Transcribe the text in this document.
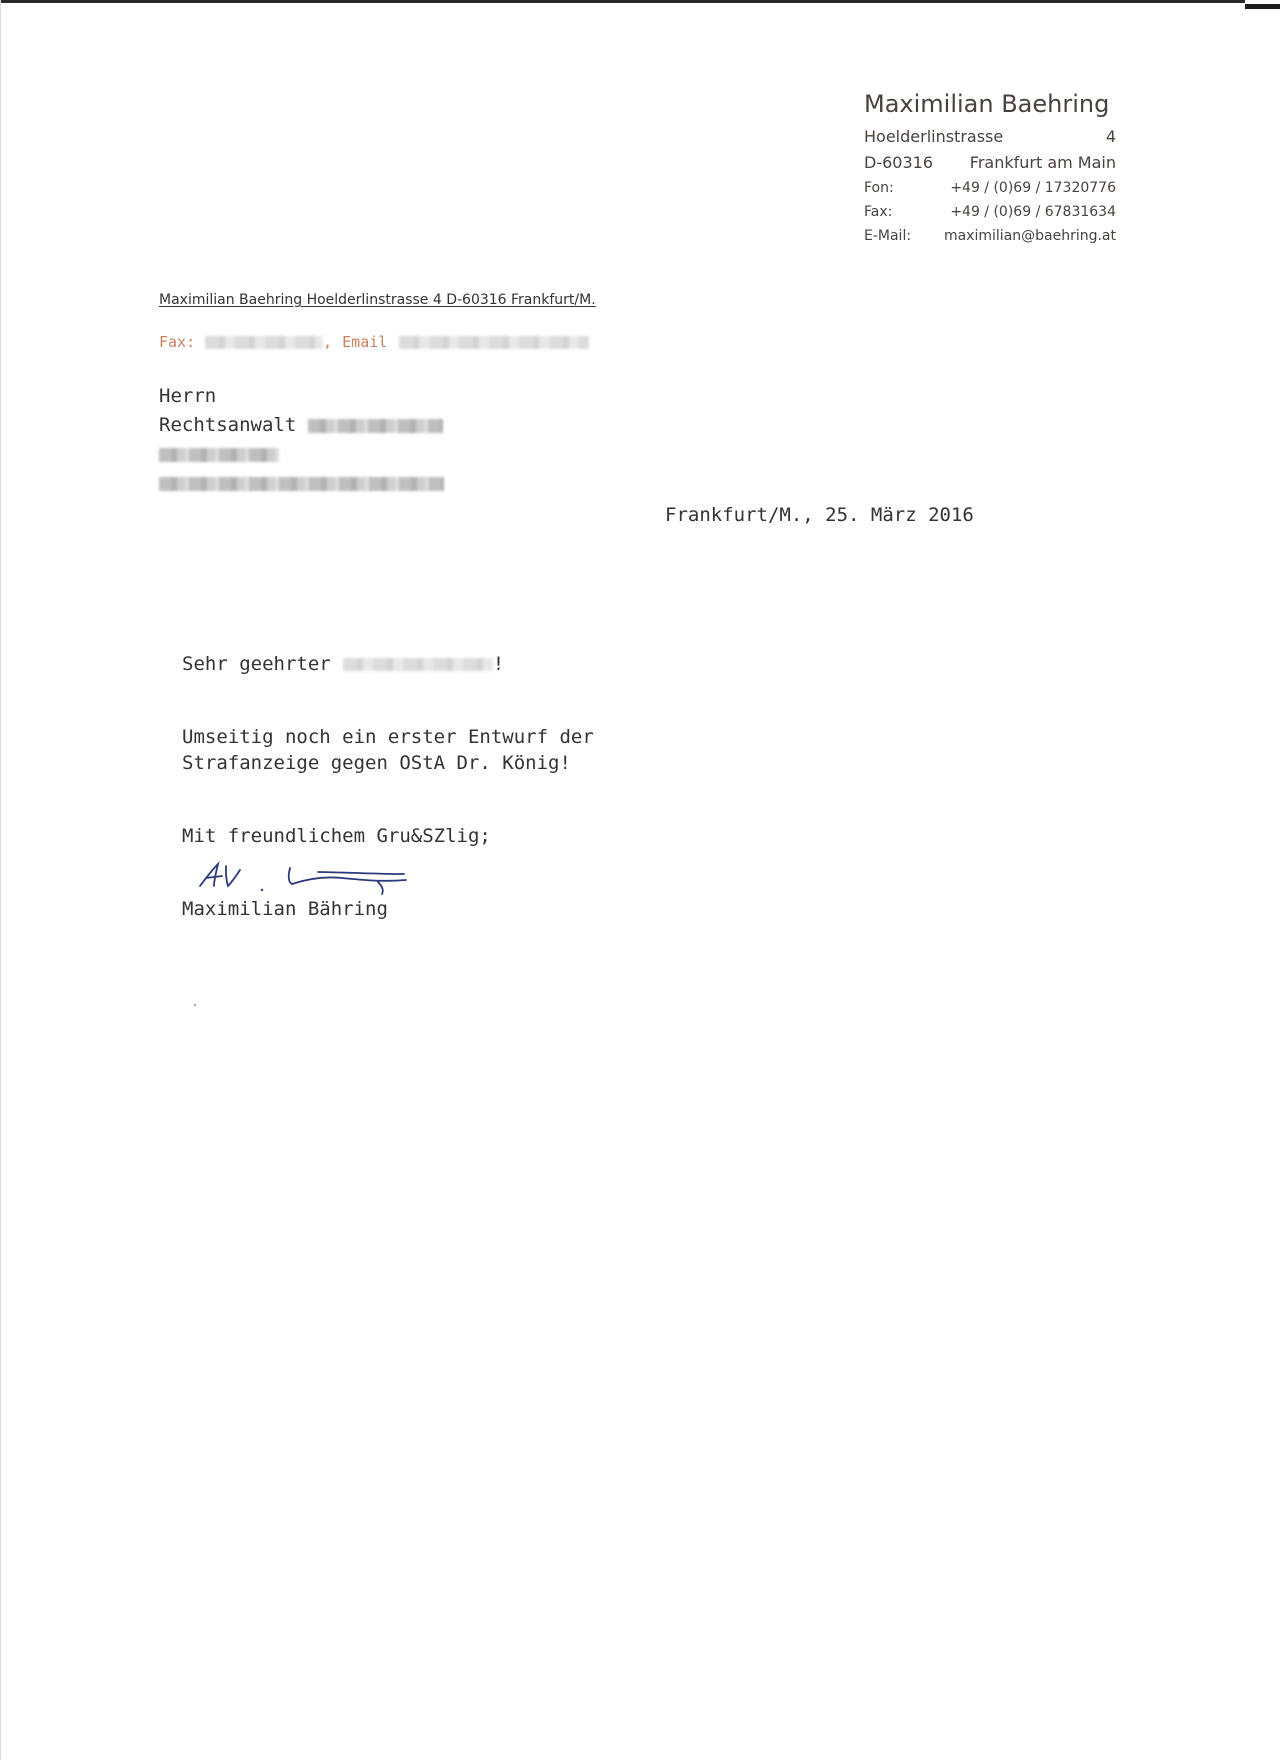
Maximilian Baehring
Hoelderlinstrasse	4
D-60316 Frankfurt am Main
Fon:	+49 / (0)69 / 17320776
Fax:	+49 / (0)69 / 67831634
E-Mail:	maximilian@baehring.at
Maximilian Baehring Hoelderlinstrasse 4 D-60316 Frankfurt/M.
Fax:	, Email
Herrn
Rechtsanwalt
Frankfurt/M., 25. März 2016
Sehr geehrter	!
Umseitig noch ein erster Entwurf der
Strafanzeige gegen OStA Dr. König!
Mit freundlichem Gru&SZlig;
Maximilian Bähring
